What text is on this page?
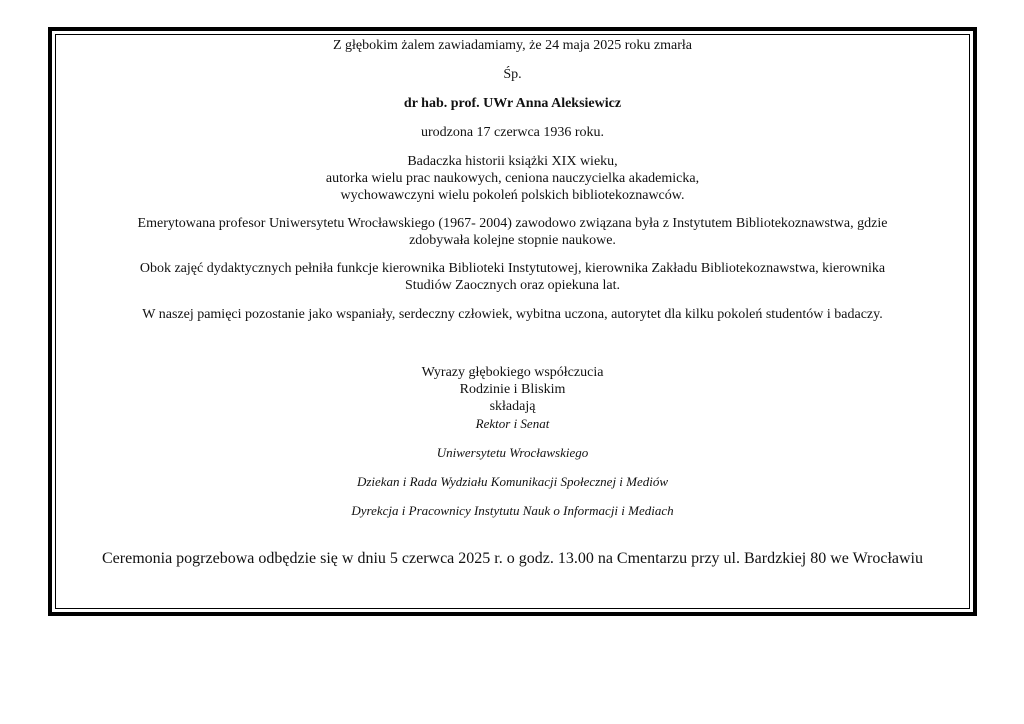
Z głębokim żalem zawiadamiamy, że 24 maja 2025 roku zmarła

Śp.

dr hab. prof. UWr Anna Aleksiewicz

urodzona 17 czerwca 1936 roku.

Badaczka historii książki XIX wieku,

autorka wielu prac naukowych, ceniona nauczycielka akademicka,

wychowawczyni wielu pokoleń polskich bibliotekoznawców.

Emerytowana profesor Uniwersytetu Wrocławskiego (1967- 2004) zawodowo związana była z Instytutem Bibliotekoznawstwa, gdzie

zdobywała kolejne stopnie naukowe.

Obok zajęć dydaktycznych pełniła funkcje kierownika Biblioteki Instytutowej, kierownika Zakładu Bibliotekoznawstwa, kierownika

Studiów Zaocznych oraz opiekuna lat.

W naszej pamięci pozostanie jako wspaniały, serdeczny człowiek, wybitna uczona, autorytet dla kilku pokoleń studentów i badaczy.

Wyrazy głębokiego współczucia

Rodzinie i Bliskim

składają

Rektor i Senat

Uniwersytetu Wrocławskiego

Dziekan i Rada Wydziału Komunikacji Społecznej i Mediów

Dyrekcja i Pracownicy Instytutu Nauk o Informacji i Mediach

Ceremonia pogrzebowa odbędzie się w dniu 5 czerwca 2025 r. o godz. 13.00 na Cmentarzu przy ul. Bardzkiej 80 we Wrocławiu
